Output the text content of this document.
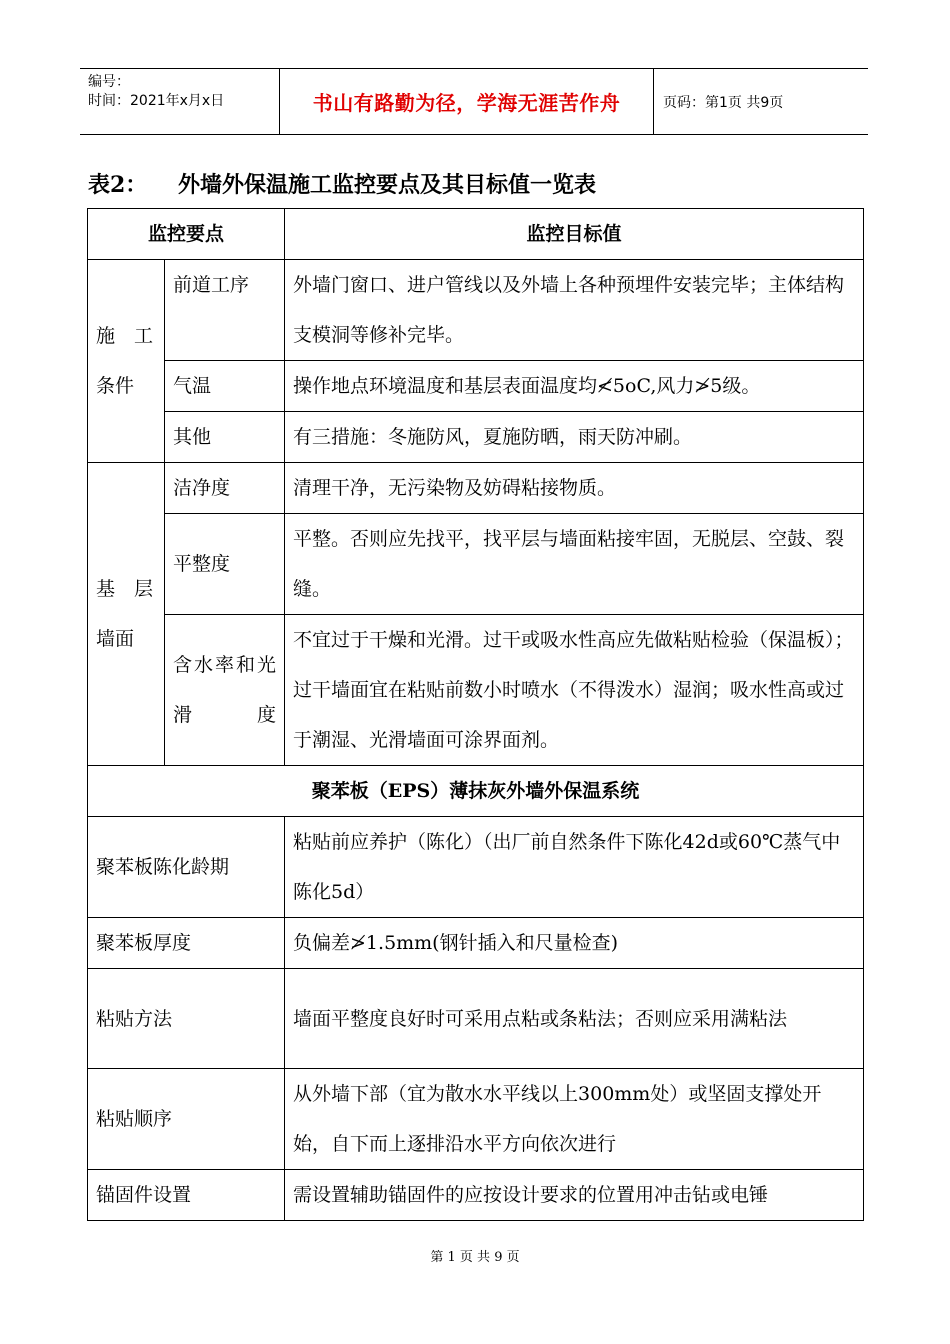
编号：
时间：2021年x月x日	书山有路勤为径，学海无涯苦作舟	页码：第1页 共9页
表2： 外墙外保温施工监控要点及其目标值一览表
监控要点		监控目标值
施　工条件	前道工序	外墙门窗口、进户管线以及外墙上各种预埋件安装完毕；主体结构支模洞等修补完毕。
	气温	操作地点环境温度和基层表面温度均≮5oC,风力≯5级。
	其他	有三措施：冬施防风，夏施防晒，雨天防冲刷。
基　层墙面	洁净度	清理干净，无污染物及妨碍粘接物质。
	平整度	平整。否则应先找平，找平层与墙面粘接牢固，无脱层、空鼓、裂缝。
	含水率和光滑度	不宜过于干燥和光滑。过干或吸水性高应先做粘贴检验（保温板）；过干墙面宜在粘贴前数小时喷水（不得泼水）湿润；吸水性高或过于潮湿、光滑墙面可涂界面剂。
聚苯板（EPS）薄抹灰外墙外保温系统		
聚苯板陈化龄期		粘贴前应养护（陈化）（出厂前自然条件下陈化42d或60℃蒸气中陈化5d）
聚苯板厚度		负偏差≯1.5mm(钢针插入和尺量检查)
粘贴方法		墙面平整度良好时可采用点粘或条粘法；否则应采用满粘法
粘贴顺序		从外墙下部（宜为散水水平线以上300mm处）或坚固支撑处开始，自下而上逐排沿水平方向依次进行
锚固件设置		需设置辅助锚固件的应按设计要求的位置用冲击钻或电锤
第 1 页 共 9 页
